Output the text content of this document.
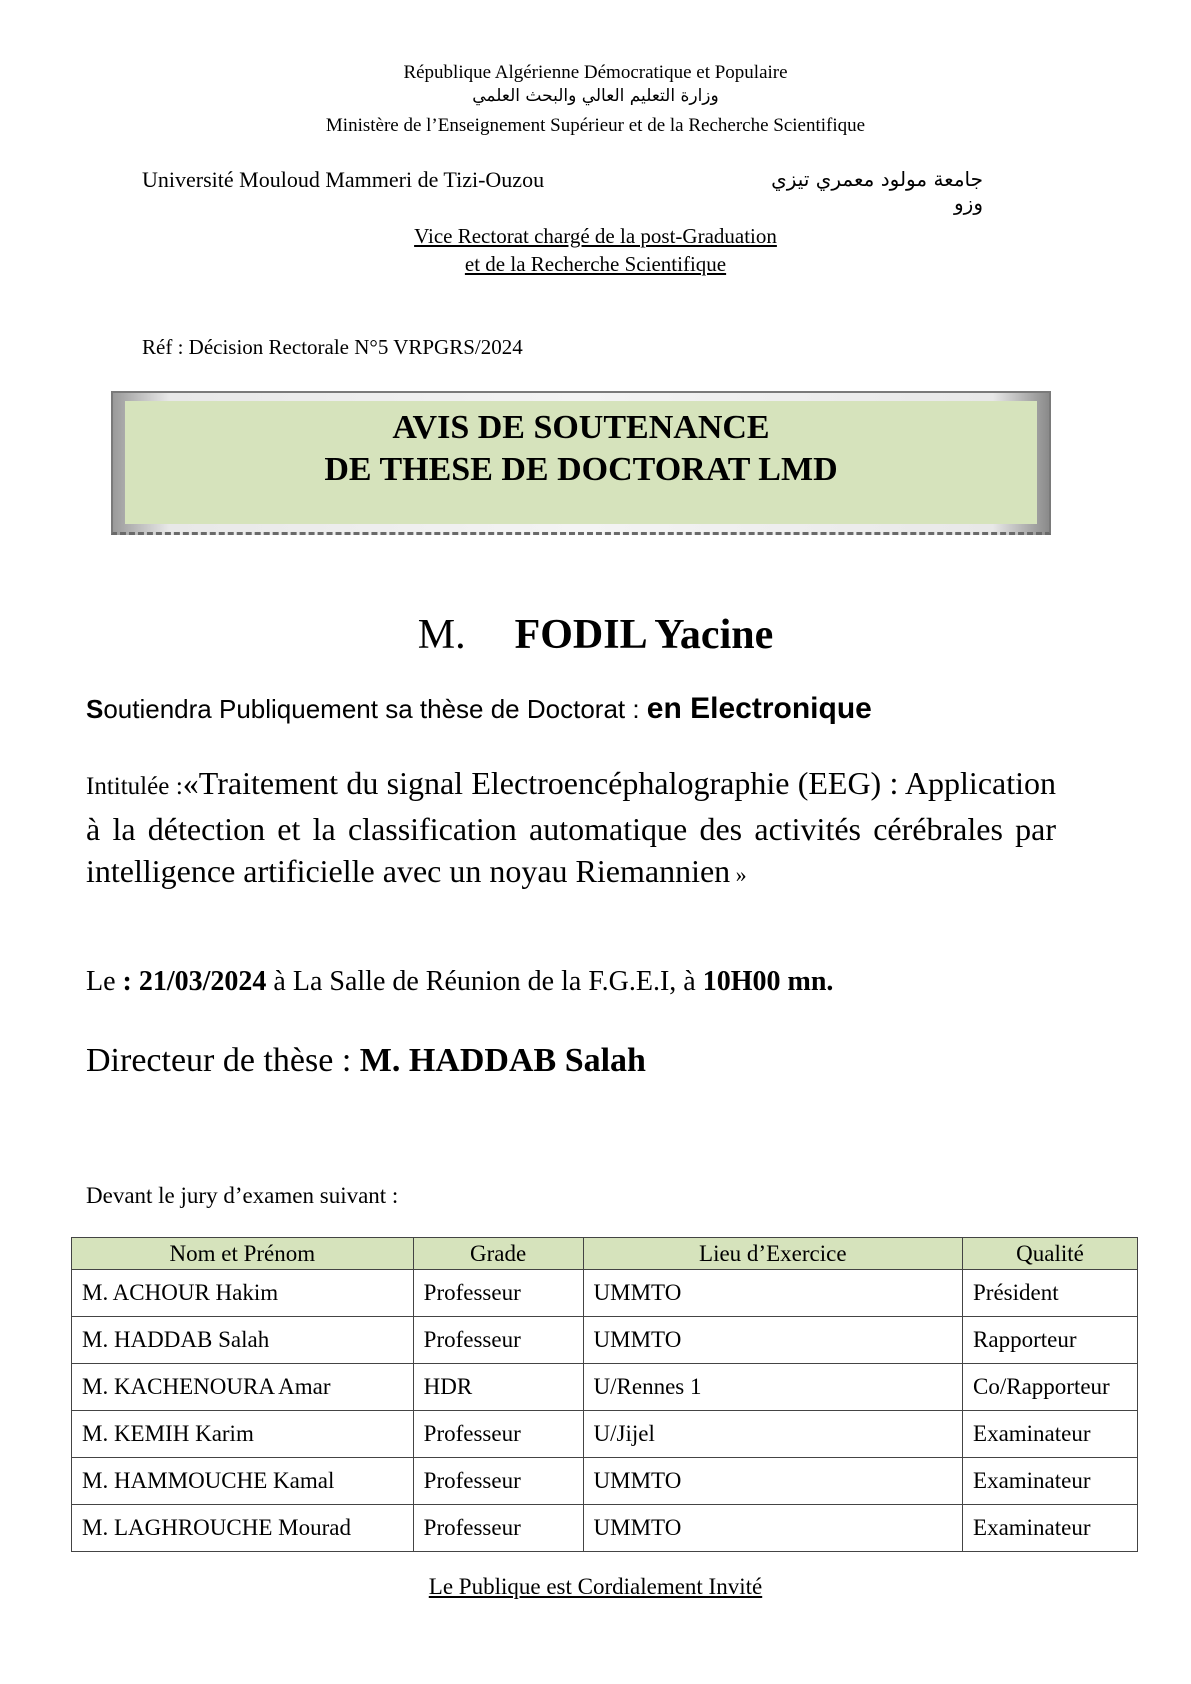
République Algérienne Démocratique et Populaire
وزارة التعليم العالي والبحث العلمي
Ministère de l’Enseignement Supérieur et de la Recherche Scientifique
Université Mouloud Mammeri de Tizi-Ouzou	جامعة مولود معمري تيزي وزو
Vice Rectorat chargé de la post-Graduation
et de la Recherche Scientifique
Réf : Décision Rectorale N°5 VRPGRS/2024
AVIS DE SOUTENANCE
DE THESE DE DOCTORAT LMD
M. FODIL Yacine
Soutiendra Publiquement sa thèse de Doctorat : en Electronique
Intitulée :«Traitement du signal Electroencéphalographie (EEG) : Application à la détection et la classification automatique des activités cérébrales par intelligence artificielle avec un noyau Riemannien »
Le : 21/03/2024 à La Salle de Réunion de la F.G.E.I, à 10H00 mn.
Directeur de thèse : M. HADDAB Salah
Devant le jury d’examen suivant :
Nom et Prénom	Grade	Lieu d’Exercice	Qualité
M. ACHOUR Hakim	Professeur	UMMTO	Président
M. HADDAB Salah	Professeur	UMMTO	Rapporteur
M. KACHENOURA Amar	HDR	U/Rennes 1	Co/Rapporteur
M. KEMIH Karim	Professeur	U/Jijel	Examinateur
M. HAMMOUCHE Kamal	Professeur	UMMTO	Examinateur
M. LAGHROUCHE Mourad	Professeur	UMMTO	Examinateur
Le Publique est Cordialement Invité
